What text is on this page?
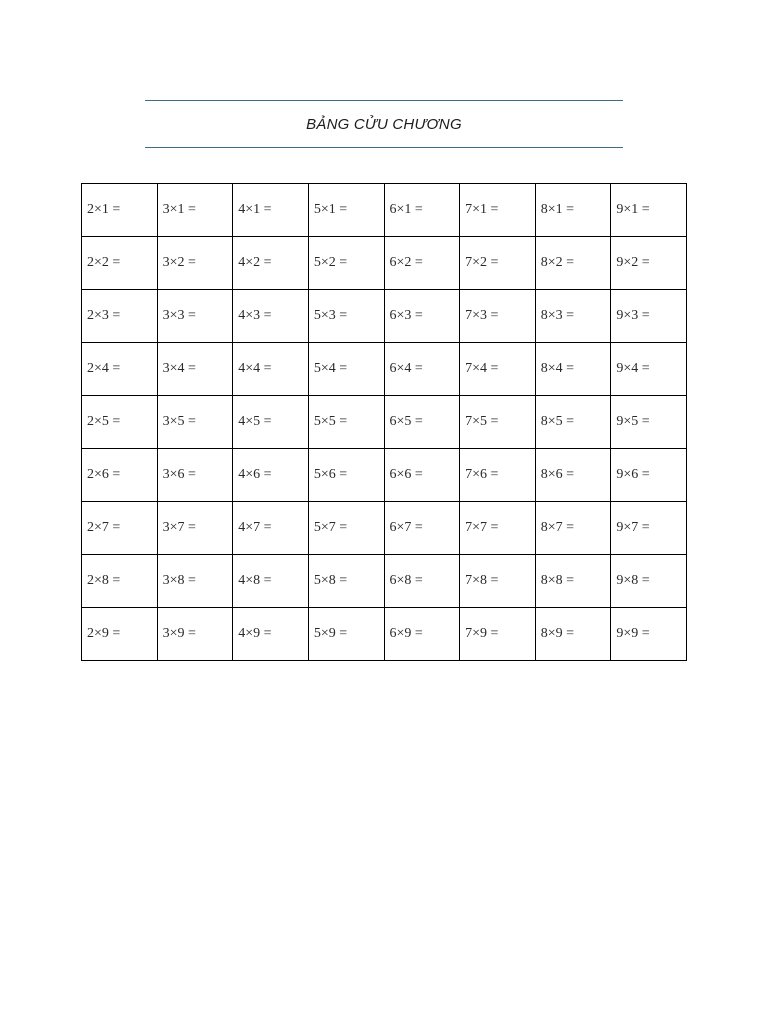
BẢNG CỬU CHƯƠNG
2×1 =	3×1 =	4×1 =	5×1 =	6×1 =	7×1 =	8×1 =	9×1 =
2×2 =	3×2 =	4×2 =	5×2 =	6×2 =	7×2 =	8×2 =	9×2 =
2×3 =	3×3 =	4×3 =	5×3 =	6×3 =	7×3 =	8×3 =	9×3 =
2×4 =	3×4 =	4×4 =	5×4 =	6×4 =	7×4 =	8×4 =	9×4 =
2×5 =	3×5 =	4×5 =	5×5 =	6×5 =	7×5 =	8×5 =	9×5 =
2×6 =	3×6 =	4×6 =	5×6 =	6×6 =	7×6 =	8×6 =	9×6 =
2×7 =	3×7 =	4×7 =	5×7 =	6×7 =	7×7 =	8×7 =	9×7 =
2×8 =	3×8 =	4×8 =	5×8 =	6×8 =	7×8 =	8×8 =	9×8 =
2×9 =	3×9 =	4×9 =	5×9 =	6×9 =	7×9 =	8×9 =	9×9 =
